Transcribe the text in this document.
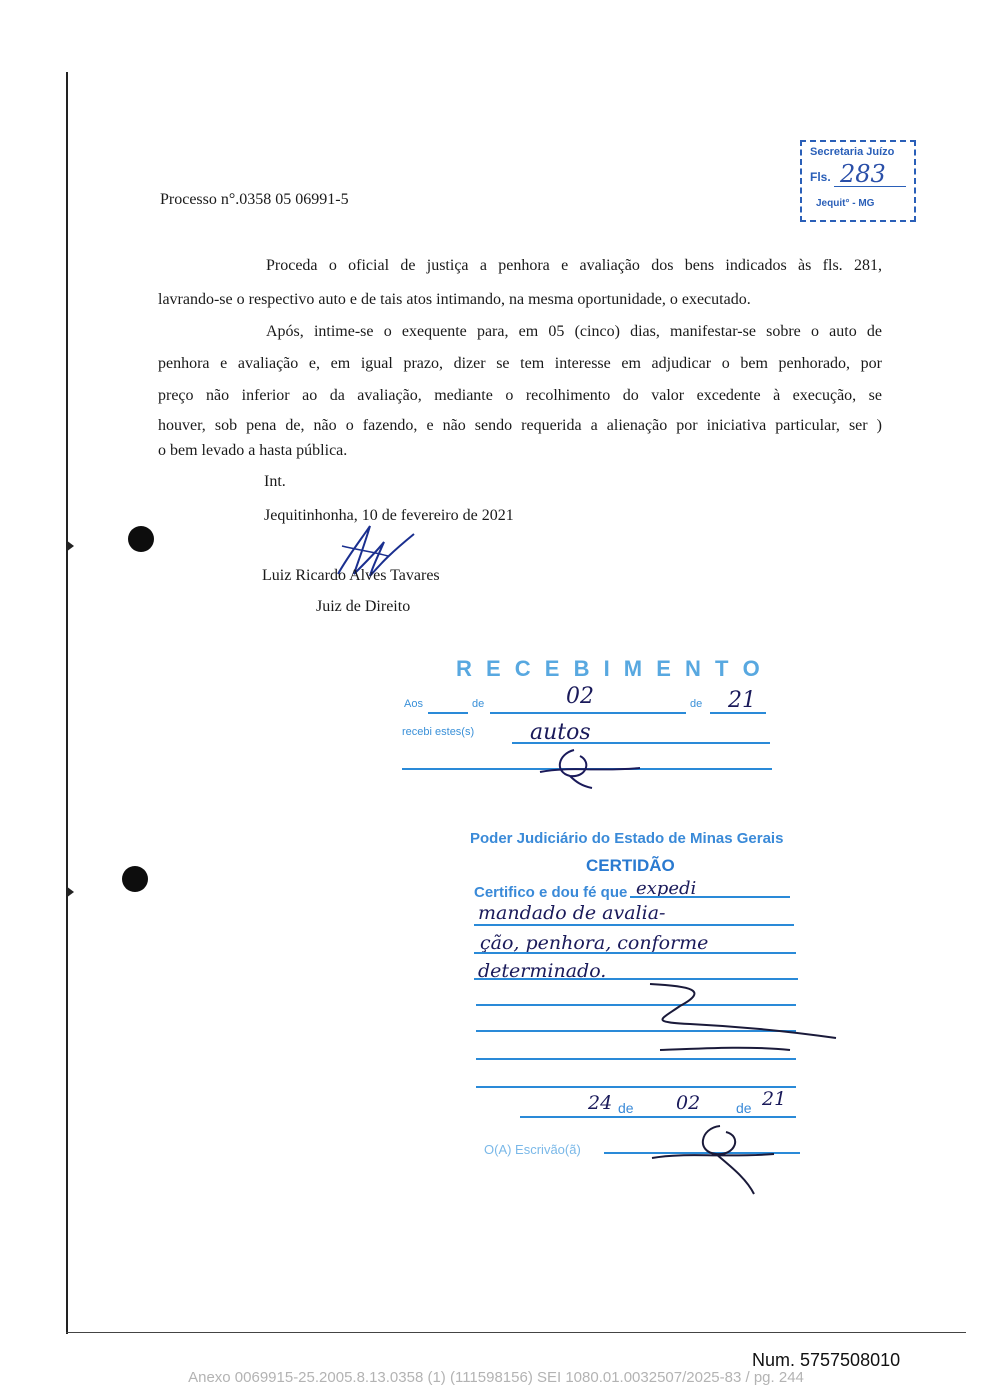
Secretaria Juízo
Fls. 283
Jequit° - MG
Processo n°.0358 05 06991-5
Proceda o oficial de justiça a penhora e avaliação dos bens indicados às fls. 281,
lavrando-se o respectivo auto e de tais atos intimando, na mesma oportunidade, o executado.
Após, intime-se o exequente para, em 05 (cinco) dias, manifestar-se sobre o auto de
penhora e avaliação e, em igual prazo, dizer se tem interesse em adjudicar o bem penhorado, por
preço não inferior ao da avaliação, mediante o recolhimento do valor excedente à execução, se
houver, sob pena de, não o fazendo, e não sendo requerida a alienação por iniciativa particular, ser )
o bem levado a hasta pública.
Int.
Jequitinhonha, 10 de fevereiro de 2021
Luiz Ricardo Alves Tavares
Juiz de Direito
R E C E B I M E N T O
Aos	de	02	de 21
recebi estes(s)	autos
Poder Judiciário do Estado de Minas Gerais
CERTIDÃO
Certifico e dou fé que expedi
mandado de avalia-
ção, penhora, conforme
determinado.
24 de 02	de 21
O(A) Escrivão(ã)
Num. 5757508010
Anexo 0069915-25.2005.8.13.0358 (1) (111598156) SEI 1080.01.0032507/2025-83 / pg. 244
